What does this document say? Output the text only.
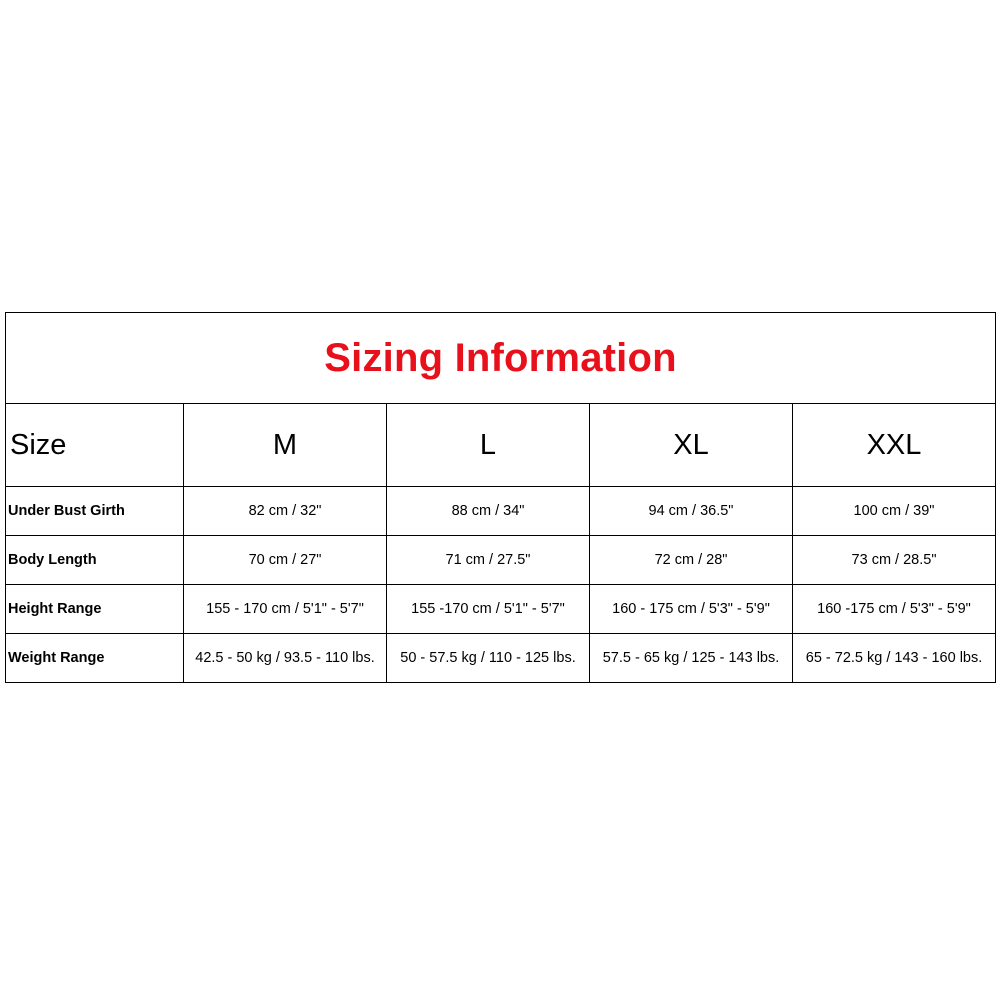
Sizing Information				
Size	M	L	XL	XXL
Under Bust Girth	82 cm / 32"	88 cm / 34"	94 cm / 36.5"	100 cm / 39"
Body Length	70 cm / 27"	71 cm / 27.5"	72 cm / 28"	73 cm / 28.5"
Height Range	155 - 170 cm / 5'1" - 5'7"	155 -170 cm / 5'1" - 5'7"	160 - 175 cm / 5'3" - 5'9"	160 -175 cm / 5'3" - 5'9"
Weight Range	42.5 - 50 kg / 93.5 - 110 lbs.	50 - 57.5 kg / 110 - 125 lbs.	57.5 - 65 kg / 125 - 143 lbs.	65 - 72.5 kg / 143 - 160 lbs.
